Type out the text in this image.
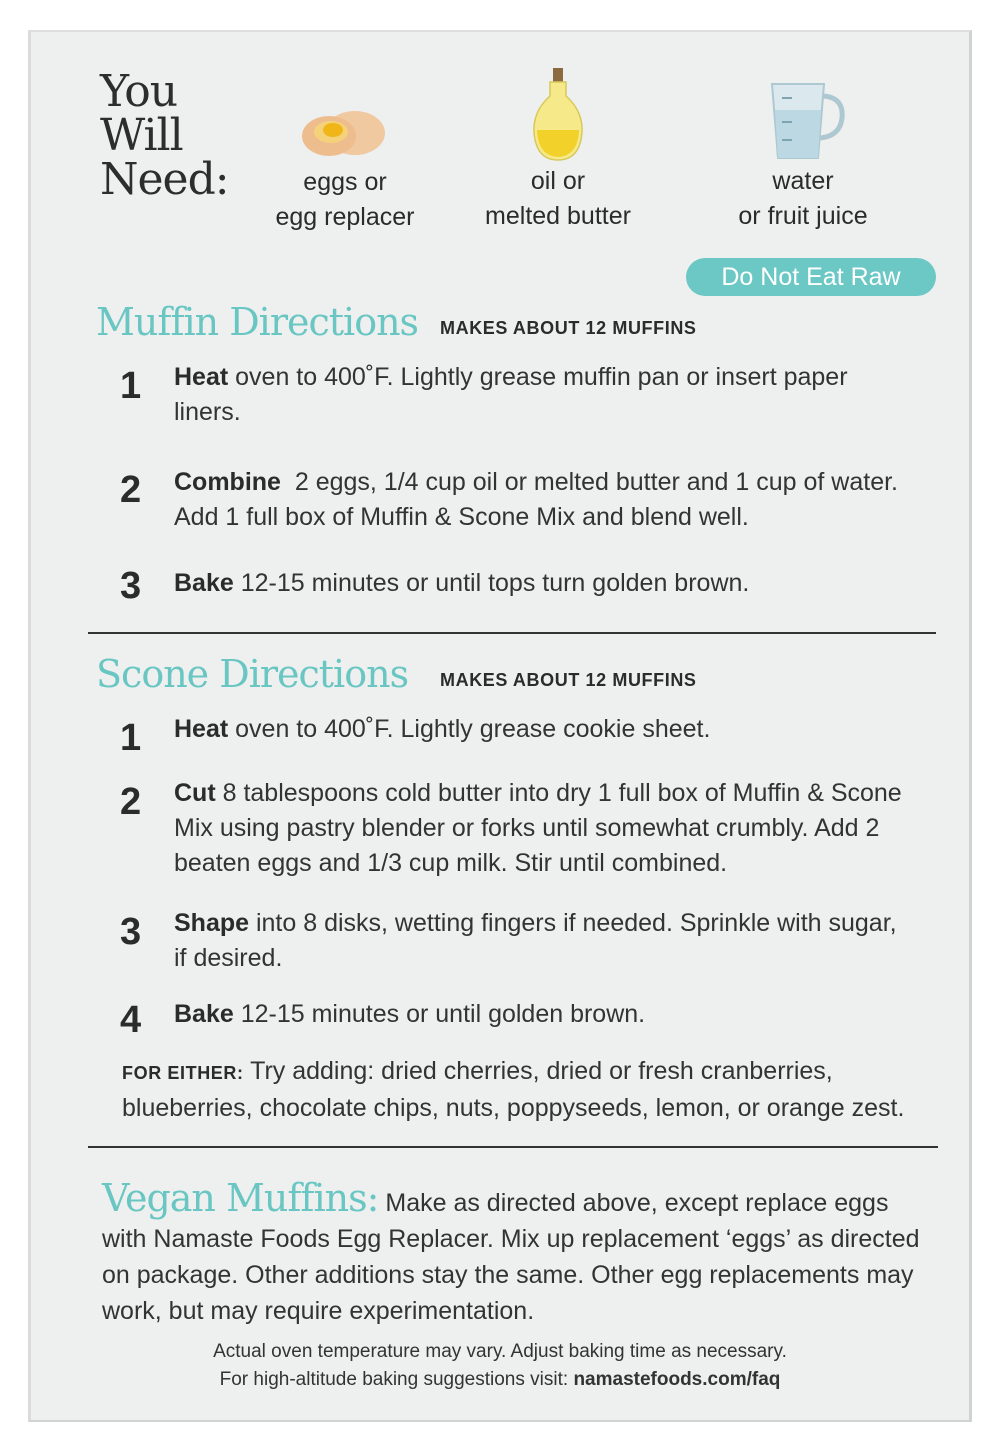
You
Will
Need:	eggs or
egg replacer
oil or
melted butter
water
or fruit juice
Do Not Eat Raw
Muffin Directions MAKES ABOUT 12 MUFFINS
1 Heat oven to 400˚F. Lightly grease muffin pan or insert paper liners.
2 Combine  2 eggs, 1/4 cup oil or melted butter and 1 cup of water. Add 1 full box of Muffin & Scone Mix and blend well.
3 Bake 12-15 minutes or until tops turn golden brown.
Scone Directions MAKES ABOUT 12 MUFFINS
1 Heat oven to 400˚F. Lightly grease cookie sheet.
2 Cut 8 tablespoons cold butter into dry 1 full box of Muffin & Scone Mix using pastry blender or forks until somewhat crumbly. Add 2 beaten eggs and 1/3 cup milk. Stir until combined.
3 Shape into 8 disks, wetting fingers if needed. Sprinkle with sugar, if desired.
4 Bake 12-15 minutes or until golden brown.
FOR EITHER: Try adding: dried cherries, dried or fresh cranberries, blueberries, chocolate chips, nuts, poppyseeds, lemon, or orange zest.
Vegan Muffins: Make as directed above, except replace eggs with Namaste Foods Egg Replacer. Mix up replacement ‘eggs’ as directed on package. Other additions stay the same. Other egg replacements may work, but may require experimentation.
Actual oven temperature may vary. Adjust baking time as necessary.
For high-altitude baking suggestions visit: namastefoods.com/faq
